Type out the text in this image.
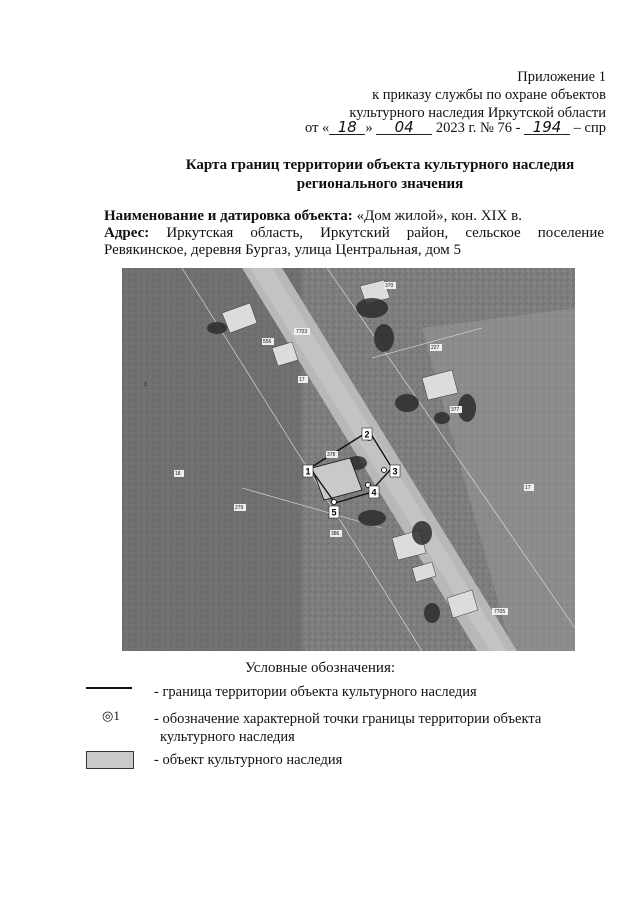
Приложение 1
к приказу службы по охране объектов
культурного наследия Иркутской области
от « 18 » 04 2023 г. № 76 - 194 – спр
Карта границ территории объекта культурного наследия
регионального значения
Наименование и датировка объекта: «Дом жилой», кон. XIX в.
Адрес: Иркутская область, Иркутский район, сельское поселение
Ревякинское, деревня Бургаз, улица Центральная, дом 5
7703
556
227
377
378
18
279
3
7705
17
370
386
17
1
2
3
4
5
Условные обозначения:
- граница территории объекта культурного наследия
◎1 - обозначение характерной точки границы территории объекта
культурного наследия
- объект культурного наследия
